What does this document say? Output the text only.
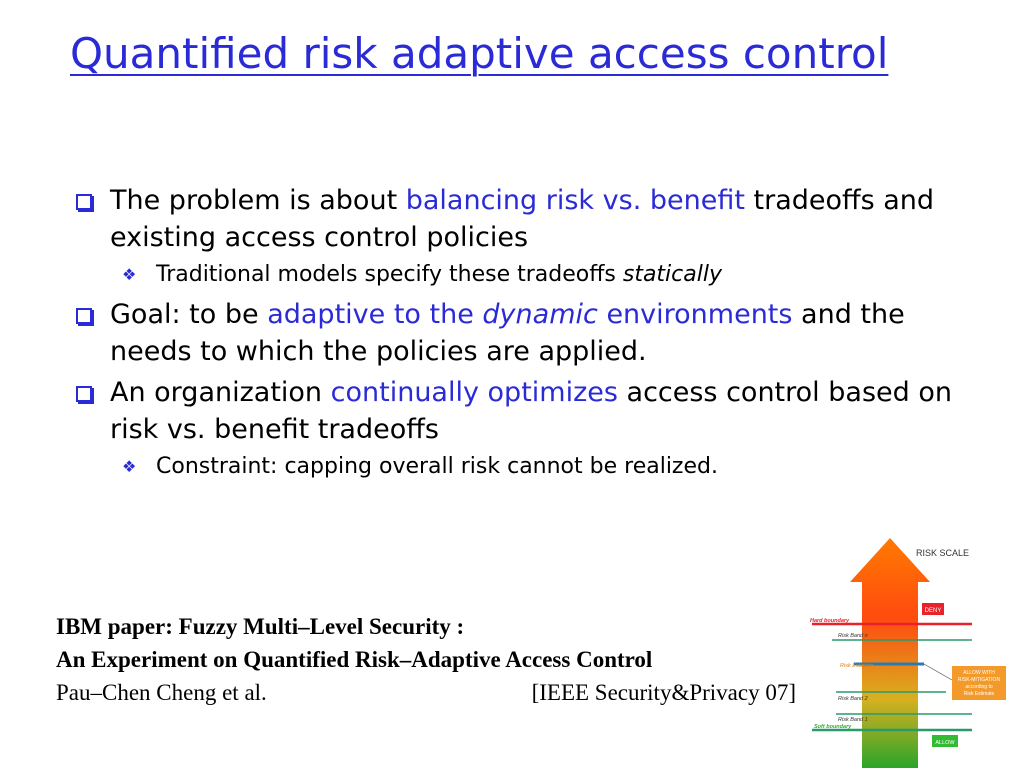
Quantified risk adaptive access control
The problem is about balancing risk vs. benefit tradeoffs and existing access control policies
❖ Traditional models specify these tradeoffs statically
Goal: to be adaptive to the dynamic environments and the needs to which the policies are applied.
An organization continually optimizes access control based on risk vs. benefit tradeoffs
❖ Constraint: capping overall risk cannot be realized.
IBM paper: Fuzzy Multi–Level Security :
An Experiment on Quantified Risk–Adaptive Access Control
Pau–Chen Cheng et al.	[IEEE Security&Privacy 07]
RISK SCALE
DENY
Hard boundary
Risk Band n
Risk Estimate
ALLOW WITH
RISK-MITIGATION
according to
Risk Estimate
Risk Band 2
Risk Band 1
Soft boundary
ALLOW
